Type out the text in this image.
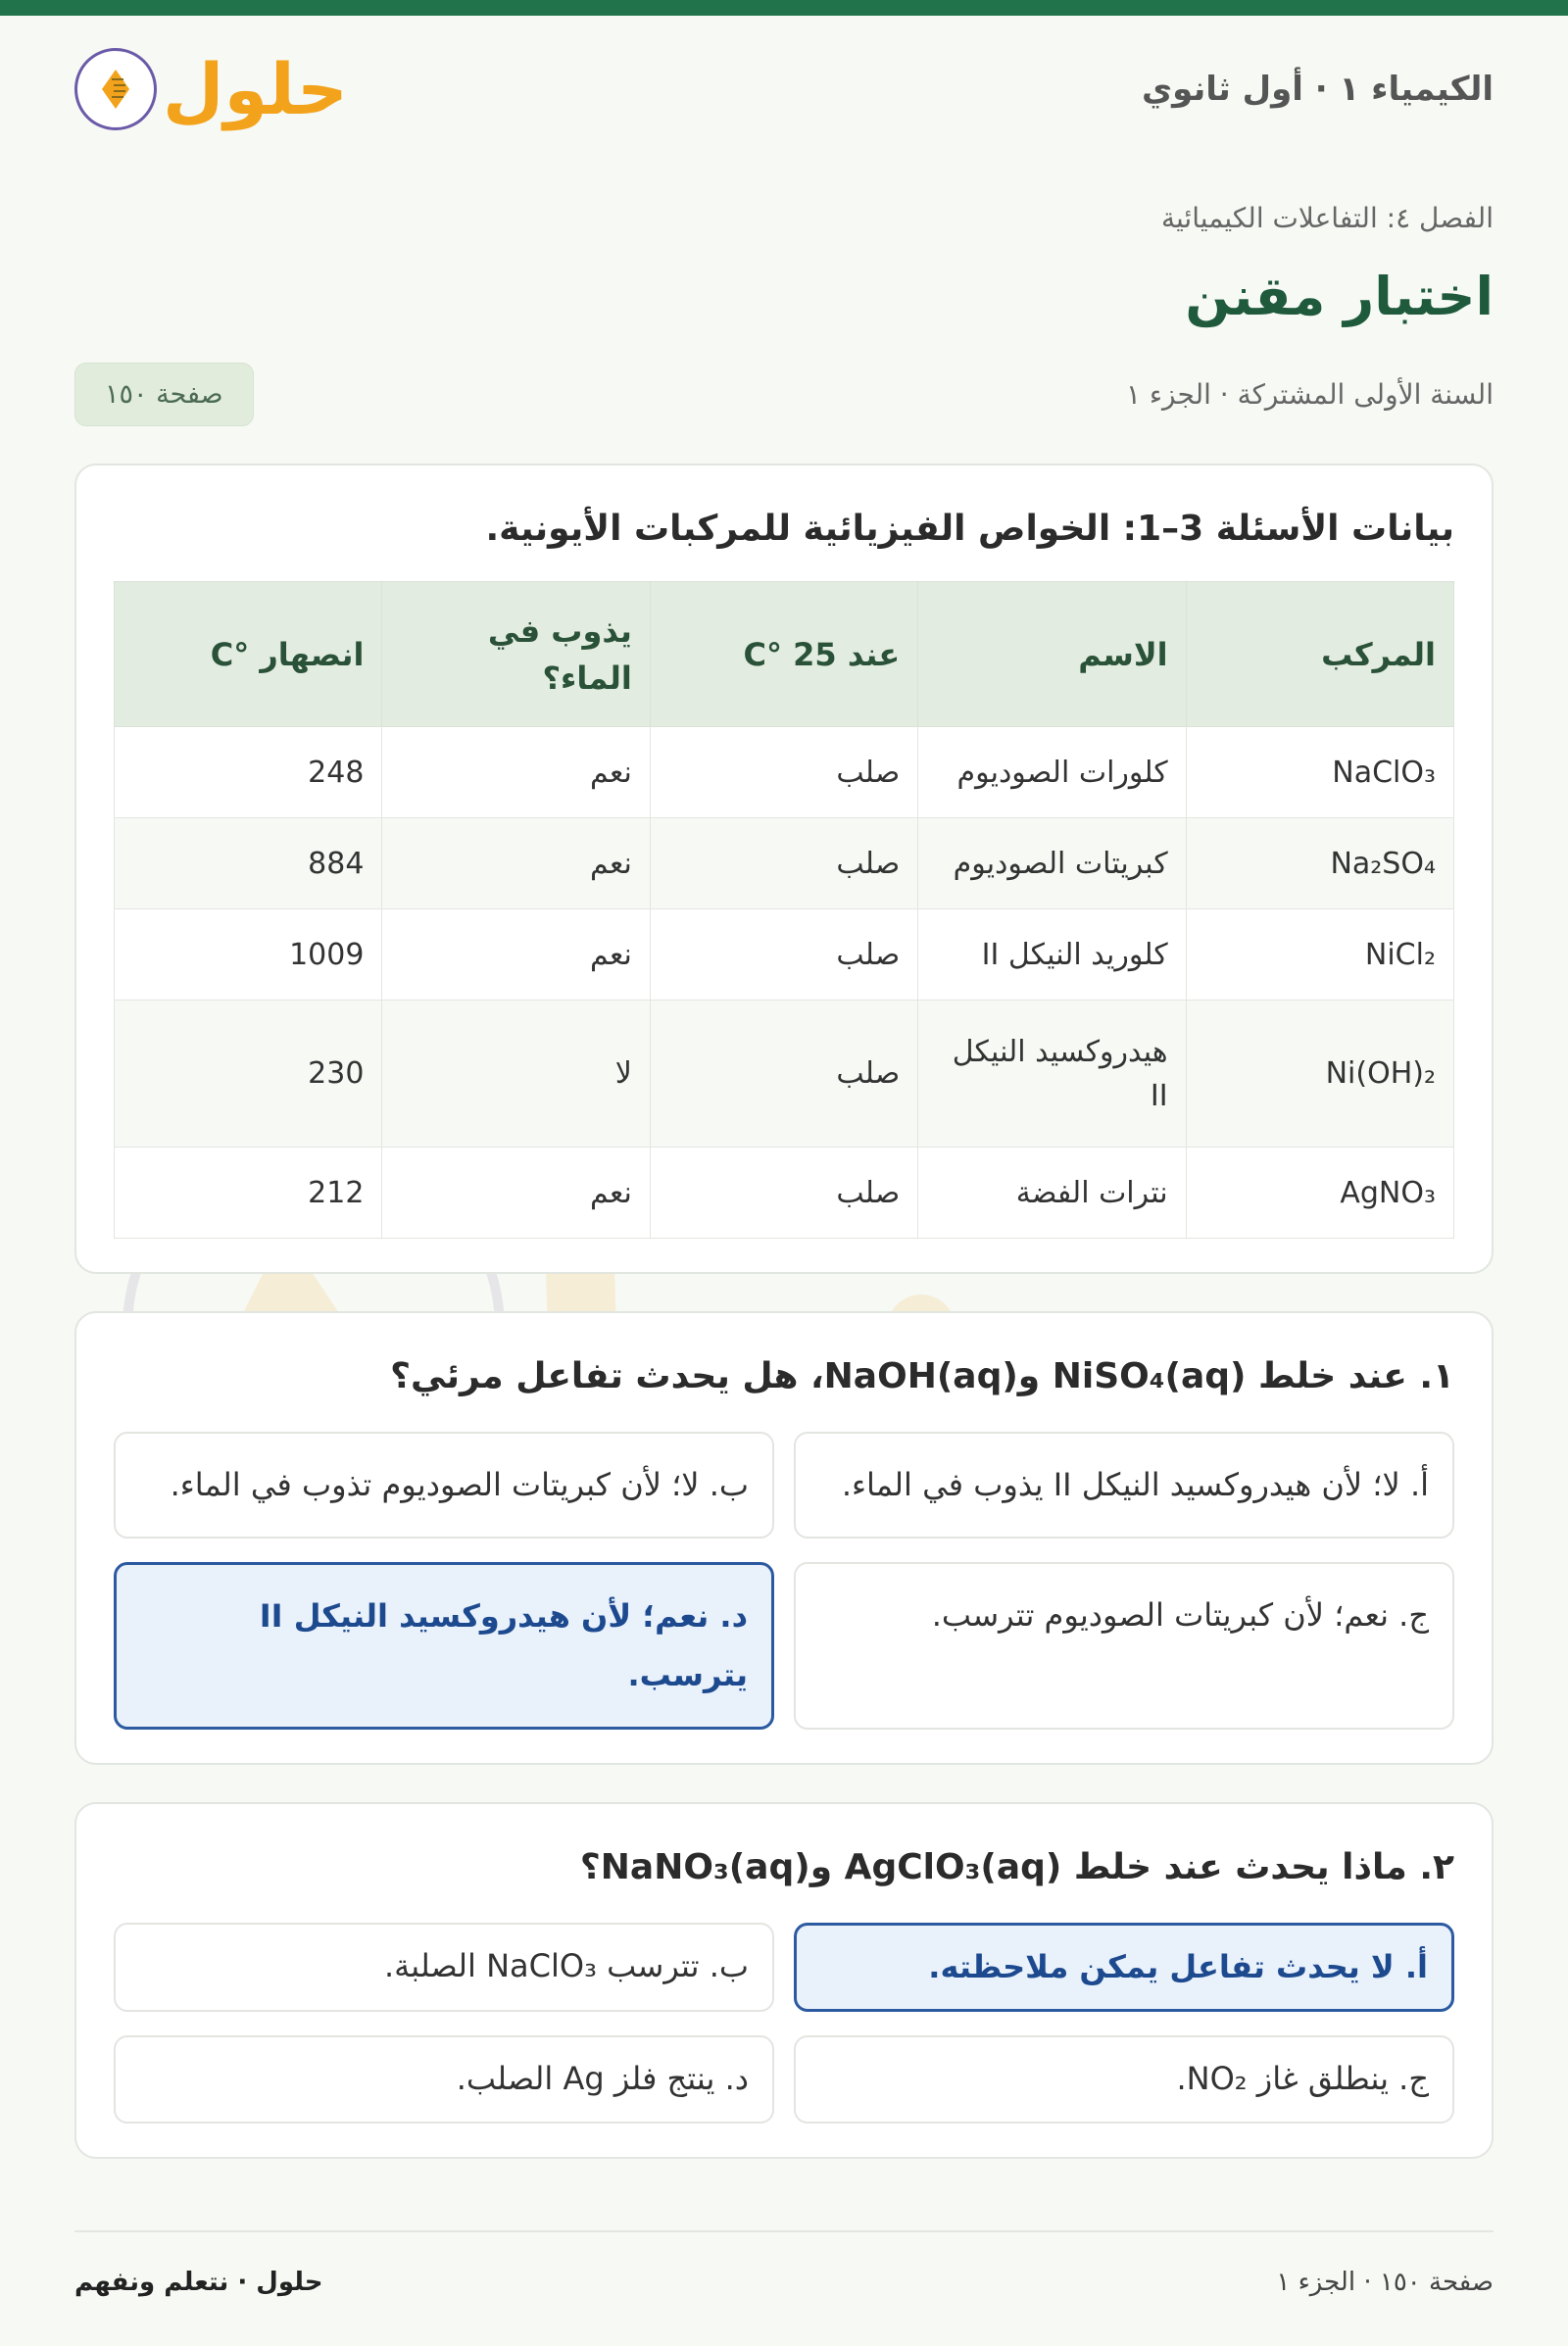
الكيمياء ١ · أول ثانوي
حلول
الفصل ٤: التفاعلات الكيميائية
اختبار مقنن
السنة الأولى المشتركة · الجزء ١
صفحة ١٥٠
بيانات الأسئلة 3–1: الخواص الفيزيائية للمركبات الأيونية.
المركب	الاسم	عند 25 °C	يذوب في الماء؟	انصهار °C
NaClO₃	كلورات الصوديوم	صلب	نعم	248
Na₂SO₄	كبريتات الصوديوم	صلب	نعم	884
NiCl₂	كلوريد النيكل II	صلب	نعم	1009
Ni(OH)₂	هيدروكسيد النيكل II	صلب	لا	230
AgNO₃	نترات الفضة	صلب	نعم	212
١. عند خلط NiSO₄(aq) وNaOH(aq)، هل يحدث تفاعل مرئي؟
أ. لا؛ لأن هيدروكسيد النيكل II يذوب في الماء.
ب. لا؛ لأن كبريتات الصوديوم تذوب في الماء.
ج. نعم؛ لأن كبريتات الصوديوم تترسب.
د. نعم؛ لأن هيدروكسيد النيكل II يترسب.
٢. ماذا يحدث عند خلط AgClO₃(aq) وNaNO₃(aq)؟
أ. لا يحدث تفاعل يمكن ملاحظته.
ب. تترسب NaClO₃ الصلبة.
ج. ينطلق غاز NO₂.
د. ينتج فلز Ag الصلب.
صفحة ١٥٠ · الجزء ١
حلول · نتعلم ونفهم
